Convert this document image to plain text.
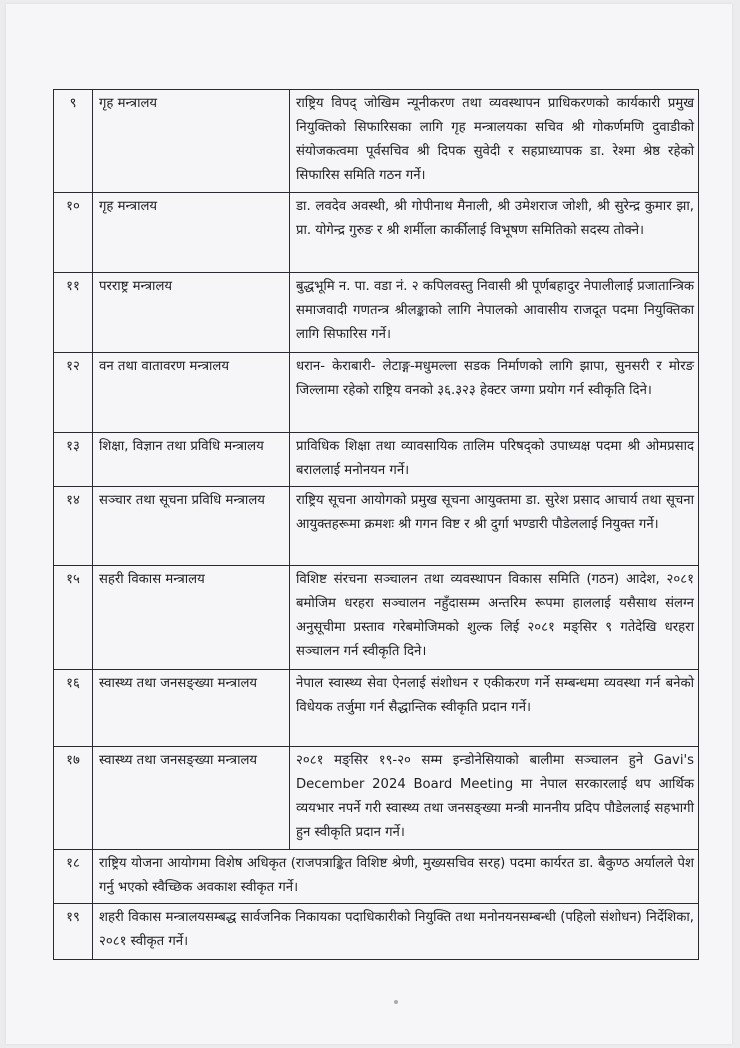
९	गृह मन्त्रालय	राष्ट्रिय विपद् जोखिम न्यूनीकरण तथा व्यवस्थापन प्राधिकरणको कार्यकारी प्रमुख नियुक्तिको सिफारिसका लागि गृह मन्त्रालयका सचिव श्री गोकर्णमणि दुवाडीको संयोजकत्वमा पूर्वसचिव श्री दिपक सुवेदी र सहप्राध्यापक डा. रेश्मा श्रेष्ठ रहेको सिफारिस समिति गठन गर्ने।
१०	गृह मन्त्रालय	डा. लवदेव अवस्थी, श्री गोपीनाथ मैनाली, श्री उमेशराज जोशी, श्री सुरेन्द्र कुमार झा, प्रा. योगेन्द्र गुरुङ र श्री शर्मीला कार्कीलाई विभूषण समितिको सदस्य तोक्ने।
११	परराष्ट्र मन्त्रालय	बुद्धभूमि न. पा. वडा नं. २ कपिलवस्तु निवासी श्री पूर्णबहादुर नेपालीलाई प्रजातान्त्रिक समाजवादी गणतन्त्र श्रीलङ्काको लागि नेपालको आवासीय राजदूत पदमा नियुक्तिका लागि सिफारिस गर्ने।
१२	वन तथा वातावरण मन्त्रालय	धरान- केराबारी- लेटाङ्ग-मधुमल्ला सडक निर्माणको लागि झापा, सुनसरी र मोरङ जिल्लामा रहेको राष्ट्रिय वनको ३६.३२३ हेक्टर जग्गा प्रयोग गर्न स्वीकृति दिने।
१३	शिक्षा, विज्ञान तथा प्रविधि मन्त्रालय	प्राविधिक शिक्षा तथा व्यावसायिक तालिम परिषद्को उपाध्यक्ष पदमा श्री ओमप्रसाद बराललाई मनोनयन गर्ने।
१४	सञ्चार तथा सूचना प्रविधि मन्त्रालय	राष्ट्रिय सूचना आयोगको प्रमुख सूचना आयुक्तमा डा. सुरेश प्रसाद आचार्य तथा सूचना आयुक्तहरूमा क्रमशः श्री गगन विष्ट र श्री दुर्गा भण्डारी पौडेललाई नियुक्त गर्ने।
१५	सहरी विकास मन्त्रालय	विशिष्ट संरचना सञ्चालन तथा व्यवस्थापन विकास समिति (गठन) आदेश, २०८१ बमोजिम धरहरा सञ्चालन नहुँदासम्म अन्तरिम रूपमा हाललाई यसैसाथ संलग्न अनुसूचीमा प्रस्ताव गरेबमोजिमको शुल्क लिई २०८१ मङ्सिर ९ गतेदेखि धरहरा सञ्चालन गर्न स्वीकृति दिने।
१६	स्वास्थ्य तथा जनसङ्ख्या मन्त्रालय	नेपाल स्वास्थ्य सेवा ऐनलाई संशोधन र एकीकरण गर्ने सम्बन्धमा व्यवस्था गर्न बनेको विधेयक तर्जुमा गर्न सैद्धान्तिक स्वीकृति प्रदान गर्ने।
१७	स्वास्थ्य तथा जनसङ्ख्या मन्त्रालय	२०८१ मङ्सिर १९-२० सम्म इन्डोनेसियाको बालीमा सञ्चालन हुने Gavi's December 2024 Board Meeting मा नेपाल सरकारलाई थप आर्थिक व्ययभार नपर्ने गरी स्वास्थ्य तथा जनसङ्ख्या मन्त्री माननीय प्रदिप पौडेललाई सहभागी हुन स्वीकृति प्रदान गर्ने।
१८	राष्ट्रिय योजना आयोगमा विशेष अधिकृत (राजपत्राङ्कित विशिष्ट श्रेणी, मुख्यसचिव सरह) पदमा कार्यरत डा. बैकुण्ठ अर्यालले पेश गर्नु भएको स्वैच्छिक अवकाश स्वीकृत गर्ने।	
१९	शहरी विकास मन्त्रालयसम्बद्ध सार्वजनिक निकायका पदाधिकारीको नियुक्ति तथा मनोनयनसम्बन्धी (पहिलो संशोधन) निर्देशिका, २०८१ स्वीकृत गर्ने।	
